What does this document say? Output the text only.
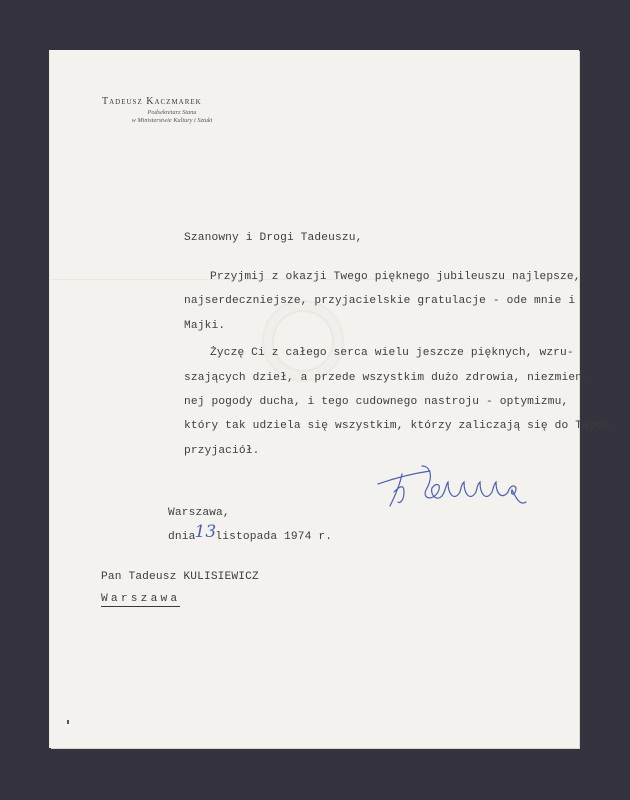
Tadeusz Kaczmarek
Podsekretarz Stanu
w Ministerstwie Kultury i Sztuki
Szanowny i Drogi Tadeuszu,
Przyjmij z okazji Twego pięknego jubileuszu najlepsze,
najserdeczniejsze, przyjacielskie gratulacje - ode mnie i
Majki.
Życzę Ci z całego serca wielu jeszcze pięknych, wzru-
szających dzieł, a przede wszystkim dużo zdrowia, niezmien-
nej pogody ducha, i tego cudownego nastroju - optymizmu,
który tak udziela się wszystkim, którzy zaliczają się do Twych
przyjaciół.
Warszawa,
dnia13listopada 1974 r.
Pan Tadeusz KULISIEWICZ
Warszawa
